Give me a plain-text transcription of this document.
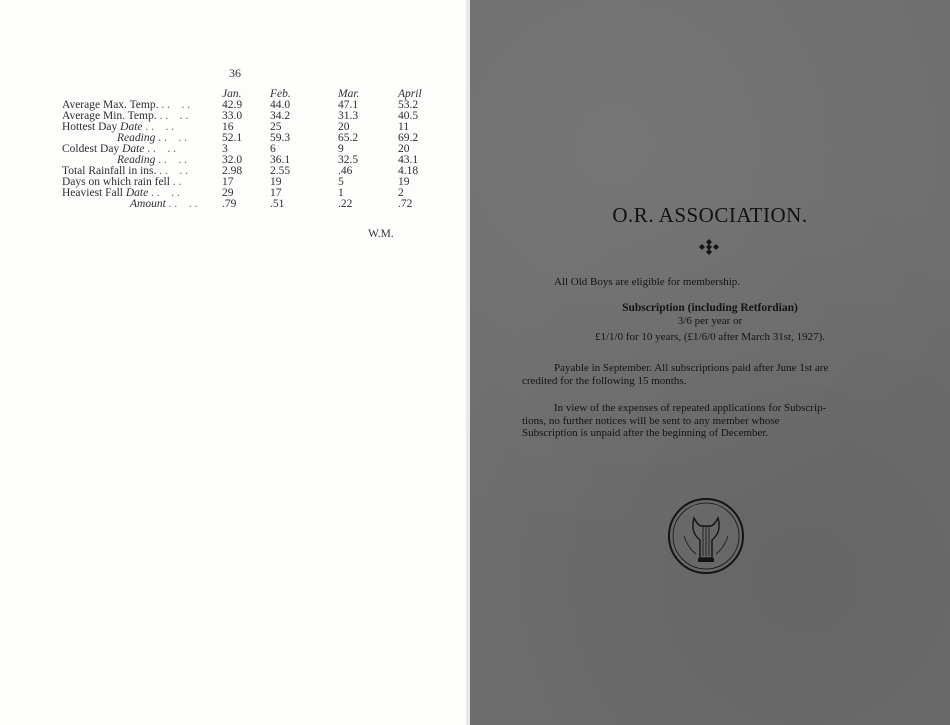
36
	Jan.	Feb.	Mar.	April
Average Max. Temp. . .    . .	42.9	44.0	47.1	53.2
Average Min. Temp. . .    . .	33.0	34.2	31.3	40.5
Hottest Day Date . .    . .	16	25	20	11
Reading . .    . .	52.1	59.3	65.2	69.2
Coldest Day Date . .    . .	3	6	9	20
Reading . .    . .	32.0	36.1	32.5	43.1
Total Rainfall in ins. . .    . .	2.98	2.55	.46	4.18
Days on which rain fell . .	17	19	5	19
Heaviest Fall Date . .    . .	29	17	1	2
Amount . .    . .	.79	.51	.22	.72
W.M.
O.R. ASSOCIATION.
All Old Boys are eligible for membership.
Subscription (including Retfordian)
3/6 per year or
£1/1/0 for 10 years, (£1/6/0 after March 31st, 1927).
Payable in September. All subscriptions paid after June 1st are
credited for the following 15 months.
In view of the expenses of repeated applications for Subscrip-
tions, no further notices will be sent to any member whose
Subscription is unpaid after the beginning of December.
